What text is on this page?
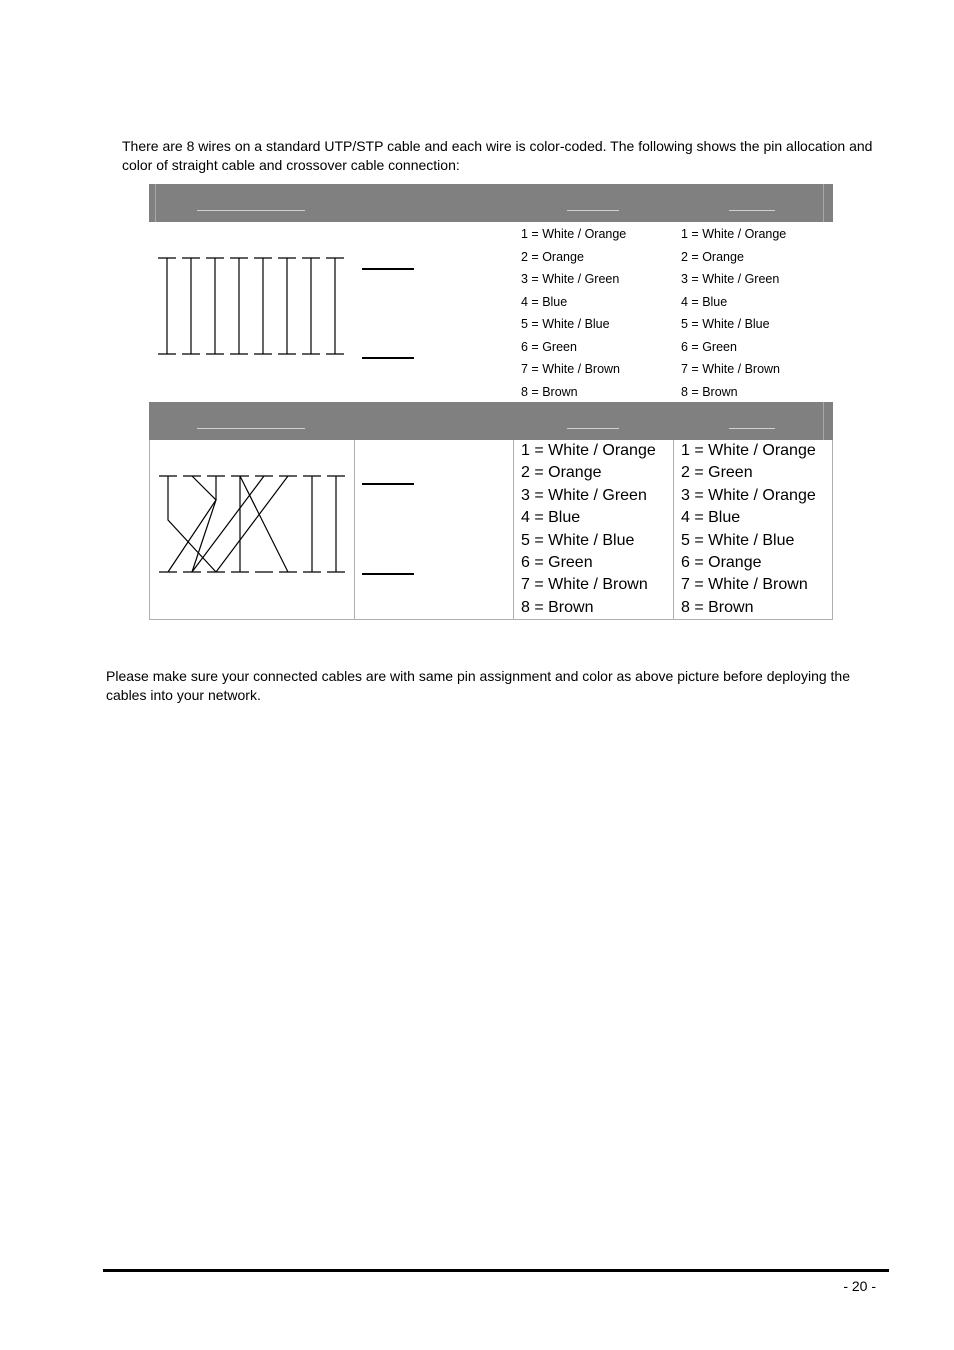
There are 8 wires on a standard UTP/STP cable and each wire is color-coded. The following shows the pin allocation and color of straight cable and crossover cable connection:

1 = White / Orange
2 = Orange
3 = White / Green
4 = Blue
5 = White / Blue
6 = Green
7 = White / Brown
8 = Brown
1 = White / Orange
2 = Orange
3 = White / Green
4 = Blue
5 = White / Blue
6 = Green
7 = White / Brown
8 = Brown
1 = White / Orange
2 = Orange
3 = White / Green
4 = Blue
5 = White / Blue
6 = Green
7 = White / Brown
8 = Brown
1 = White / Orange
2 = Green
3 = White / Orange
4 = Blue
5 = White / Blue
6 = Orange
7 = White / Brown
8 = Brown

Please make sure your connected cables are with same pin assignment and color as above picture before deploying the cables into your network.

- 20 -
